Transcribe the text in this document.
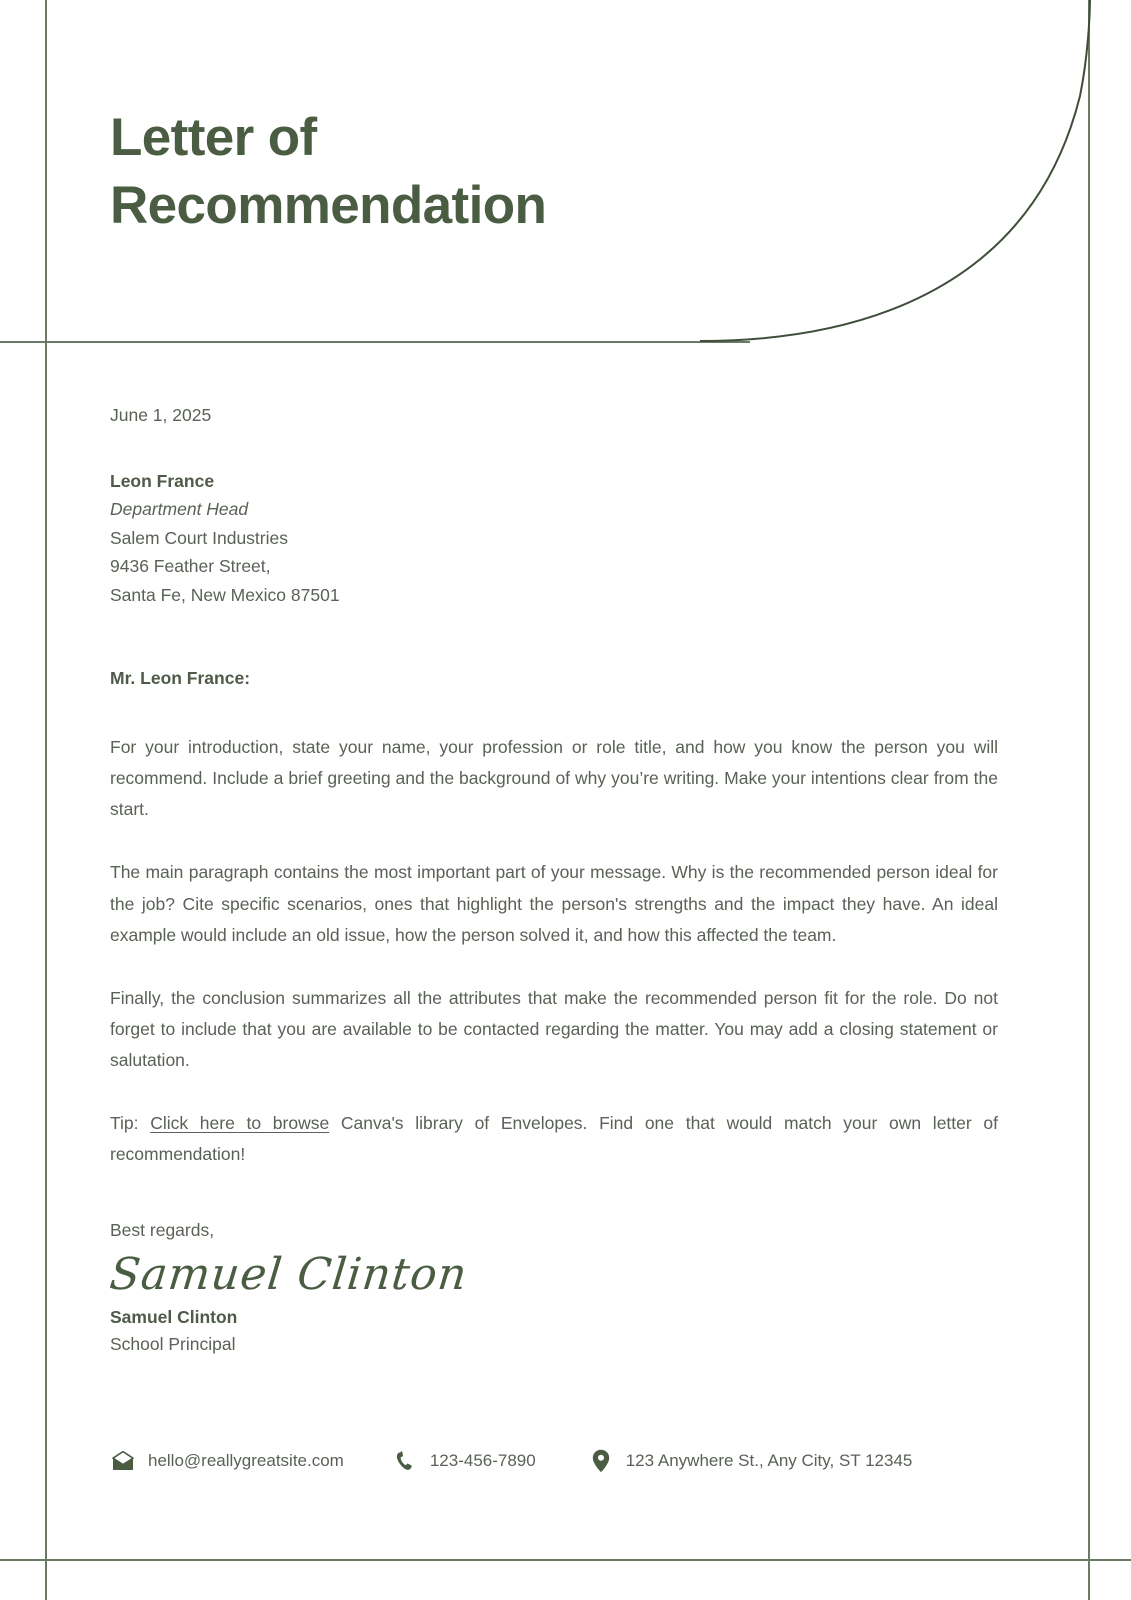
Letter of
Recommendation

June 1, 2025

Leon France
Department Head
Salem Court Industries
9436 Feather Street,
Santa Fe, New Mexico 87501

Mr. Leon France:

For your introduction, state your name, your profession or role title, and how you know the person you will recommend. Include a brief greeting and the background of why you’re writing. Make your intentions clear from the start.

The main paragraph contains the most important part of your message. Why is the recommended person ideal for the job? Cite specific scenarios, ones that highlight the person's strengths and the impact they have. An ideal example would include an old issue, how the person solved it, and how this affected the team.

Finally, the conclusion summarizes all the attributes that make the recommended person fit for the role. Do not forget to include that you are available to be contacted regarding the matter. You may add a closing statement or salutation.

Tip: Click here to browse Canva's library of Envelopes. Find one that would match your own letter of recommendation!

Best regards,

Samuel Clinton

Samuel Clinton

School Principal

hello@reallygreatsite.com	123-456-7890	123 Anywhere St., Any City, ST 12345
